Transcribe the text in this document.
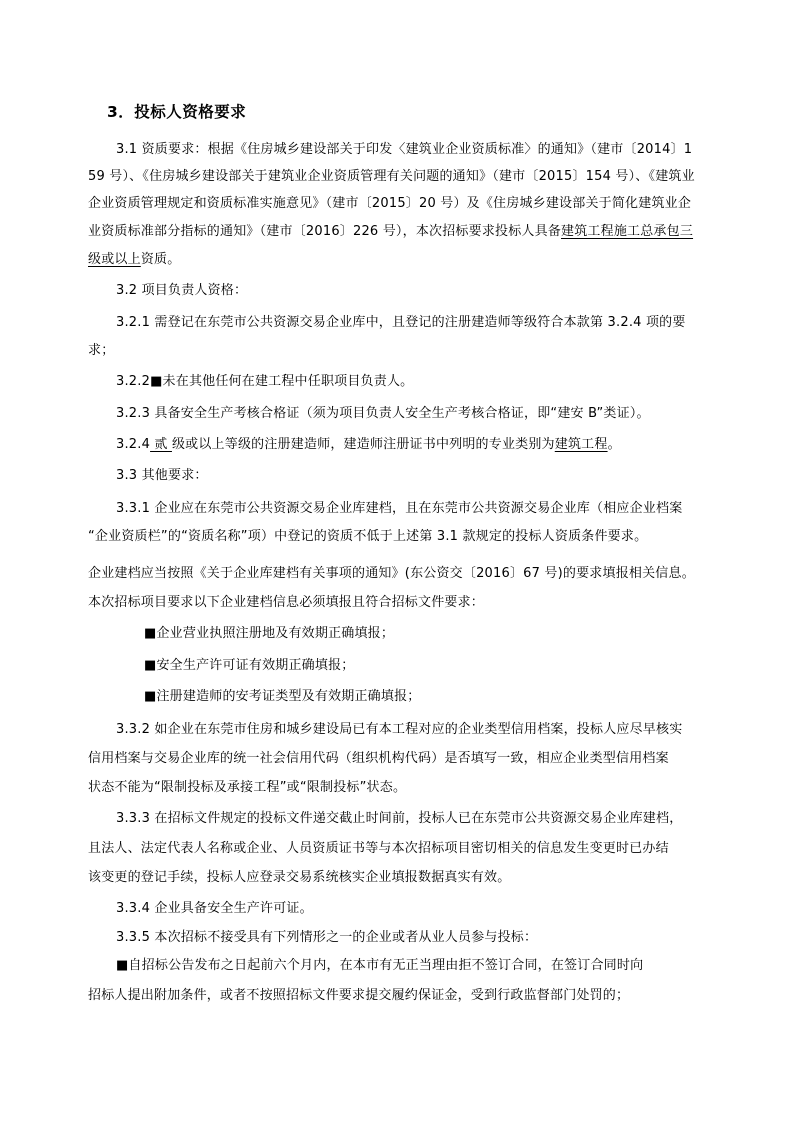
3．投标人资格要求
3.1 资质要求：根据《住房城乡建设部关于印发〈建筑业企业资质标准〉的通知》（建市〔2014〕1
59 号）、《住房城乡建设部关于建筑业企业资质管理有关问题的通知》（建市〔2015〕154 号）、《建筑业
企业资质管理规定和资质标准实施意见》（建市〔2015〕20 号）及《住房城乡建设部关于简化建筑业企
业资质标准部分指标的通知》（建市〔2016〕226 号），本次招标要求投标人具备建筑工程施工总承包三
级或以上资质。
3.2 项目负责人资格：
3.2.1 需登记在东莞市公共资源交易企业库中，且登记的注册建造师等级符合本款第 3.2.4 项的要
求；
3.2.2■未在其他任何在建工程中任职项目负责人。
3.2.3 具备安全生产考核合格证（须为项目负责人安全生产考核合格证，即“建安 B”类证）。
3.2.4 贰 级或以上等级的注册建造师，建造师注册证书中列明的专业类别为建筑工程。
3.3 其他要求：
3.3.1 企业应在东莞市公共资源交易企业库建档，且在东莞市公共资源交易企业库（相应企业档案
“企业资质栏”的“资质名称”项）中登记的资质不低于上述第 3.1 款规定的投标人资质条件要求。
企业建档应当按照《关于企业库建档有关事项的通知》(东公资交〔2016〕67 号)的要求填报相关信息。
本次招标项目要求以下企业建档信息必须填报且符合招标文件要求：
■企业营业执照注册地及有效期正确填报；
■安全生产许可证有效期正确填报；
■注册建造师的安考证类型及有效期正确填报；
3.3.2 如企业在东莞市住房和城乡建设局已有本工程对应的企业类型信用档案，投标人应尽早核实
信用档案与交易企业库的统一社会信用代码（组织机构代码）是否填写一致，相应企业类型信用档案
状态不能为“限制投标及承接工程”或“限制投标”状态。
3.3.3 在招标文件规定的投标文件递交截止时间前，投标人已在东莞市公共资源交易企业库建档，
且法人、法定代表人名称或企业、人员资质证书等与本次招标项目密切相关的信息发生变更时已办结
该变更的登记手续，投标人应登录交易系统核实企业填报数据真实有效。
3.3.4 企业具备安全生产许可证。
3.3.5 本次招标不接受具有下列情形之一的企业或者从业人员参与投标：
■自招标公告发布之日起前六个月内，在本市有无正当理由拒不签订合同，在签订合同时向
招标人提出附加条件，或者不按照招标文件要求提交履约保证金，受到行政监督部门处罚的；
